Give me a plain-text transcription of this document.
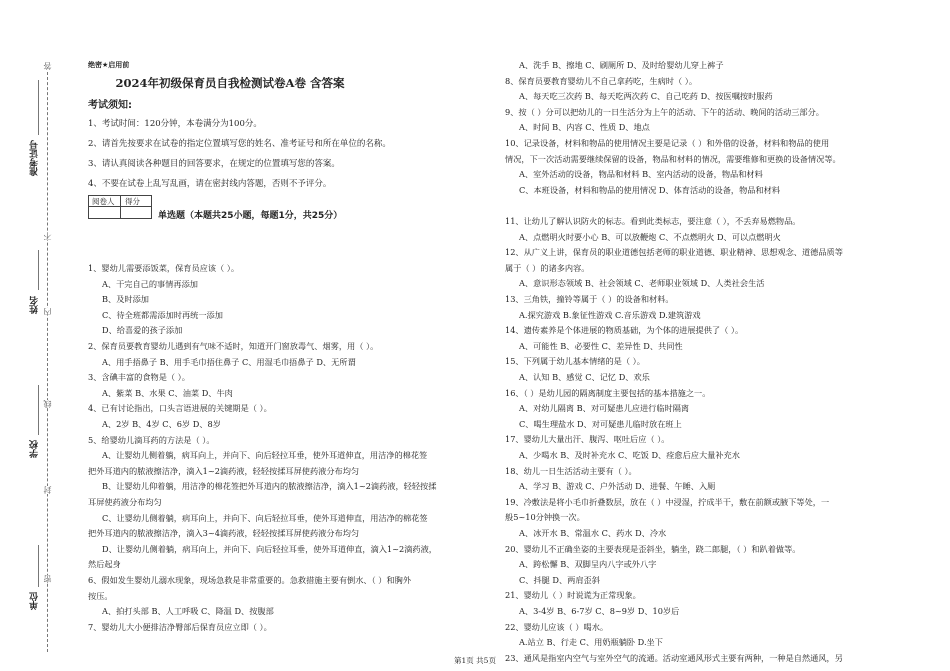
准考证号
姓名
学校
单位
答
不
内
线
封
密
绝密★启用前
2024年初级保育员自我检测试卷A卷 含答案
考试须知:
1、考试时间：120分钟，本卷满分为100分。
2、请首先按要求在试卷的指定位置填写您的姓名、准考证号和所在单位的名称。
3、请认真阅读各种题目的回答要求，在规定的位置填写您的答案。
4、不要在试卷上乱写乱画，请在密封线内答题，否则不予评分。
阅卷人 得分
单选题（本题共25小题，每题1分，共25分）
1、婴幼儿需要添饭菜，保育员应该（ ）。
A、干完自己的事情再添加
B、及时添加
C、待全班都需添加时再统一添加
D、给喜爱的孩子添加
2、保育员要教育婴幼儿遇到有气味不适时，知道开门窗放毒气、烟雾，用（ ）。
A、用手捂鼻子 B、用手毛巾捂住鼻子 C、用湿毛巾捂鼻子 D、无所谓
3、含碘丰富的食物是（ ）。
A、紫菜 B、水果 C、油菜 D、牛肉
4、已有讨论指出，口头言语进展的关键期是（ ）。
A、2岁 B、4岁 C、6岁 D、8岁
5、给婴幼儿滴耳药的方法是（ ）。
A、让婴幼儿侧着躺，病耳向上，并向下、向后轻拉耳垂，使外耳道伸直，用洁净的棉花签
把外耳道内的脓液擦洁净，滴入1~2滴药液，轻轻按揉耳屏使药液分布均匀
B、让婴幼儿仰着躺，用洁净的棉花签把外耳道内的脓液擦洁净，滴入1~2滴药液，轻轻按揉
耳屏使药液分布均匀
C、让婴幼儿侧着躺，病耳向上，并向下、向后轻拉耳垂，使外耳道伸直，用洁净的棉花签
把外耳道内的脓液擦洁净，滴入3~4滴药液，轻轻按揉耳屏使药液分布均匀
D、让婴幼儿侧着躺，病耳向上，并向下、向后轻拉耳垂，使外耳道伸直，滴入1~2滴药液，
然后起身
6、假如发生婴幼儿溺水现象，现场急救是非常重要的。急救措施主要有倒水、（ ）和胸外
按压。
A、拍打头部 B、人工呼吸 C、降温 D、按腹部
7、婴幼儿大小便排洁净臀部后保育员应立即（ ）。
A、洗手 B、擦地 C、刷厕所 D、及时给婴幼儿穿上裤子
8、保育员要教育婴幼儿不自己拿药吃，生病时（ ）。
A、每天吃三次药 B、每天吃两次药 C、自己吃药 D、按医嘱按时服药
9、按（ ）分可以把幼儿的一日生活分为上午的活动、下午的活动、晚间的活动三部分。
A、时间 B、内容 C、性质 D、地点
10、记录设备，材料和物品的使用情况主要是记录（ ）和外借的设备，材料和物品的使用
情况，下一次活动需要继续保留的设备，物品和材料的情况，需要维修和更换的设备情况等。
A、室外活动的设备，物品和材料 B、室内活动的设备，物品和材料
C、本班设备，材料和物品的使用情况 D、体育活动的设备，物品和材料
11、让幼儿了解认识防火的标志。看到此类标志，要注意（ ），不丢弃易燃物品。
A、点燃明火时要小心 B、可以放鞭炮 C、不点燃明火 D、可以点燃明火
12、从广义上讲，保育员的职业道德包括老师的职业道德、职业精神、思想观念、道德品质等
属于（ ）的诸多内容。
A、意识形态领域 B、社会领域 C、老师职业领域 D、人类社会生活
13、三角铁，撞铃等属于（ ）的设备和材料。
A.探究游戏 B.象征性游戏 C.音乐游戏 D.建筑游戏
14、遗传素养是个体进展的物质基础，为个体的进展提供了（ ）。
A、可能性 B、必要性 C、差异性 D、共同性
15、下列属于幼儿基本情绪的是（ ）。
A、认知 B、感觉 C、记忆 D、欢乐
16、（ ）是幼儿园的隔离制度主要包括的基本措施之一。
A、对幼儿隔离 B、对可疑患儿应进行临时隔离
C、喝生理盐水 D、对可疑患儿临时放在班上
17、婴幼儿大量出汗、腹泻、呕吐后应（ ）。
A、少喝水 B、及时补充水 C、吃饭 D、痊愈后应大量补充水
18、幼儿一日生活活动主要有（ ）。
A、学习 B、游戏 C、户外活动 D、进餐、午睡、入厕
19、冷敷法是将小毛巾折叠数层，放在（ ）中浸湿，拧成半干，敷在前额或腋下等处，一
般5~10分钟换一次。
A、冰开水 B、常温水 C、药水 D、冷水
20、婴幼儿不正确坐姿的主要表现是歪斜坐，躺坐，跷二郎腿，（ ）和趴着做等。
A、跨松懈 B、双脚呈内八字或外八字
C、抖腿 D、两肩歪斜
21、婴幼儿（ ）时说谎为正常现象。
A、3-4岁 B、6-7岁 C、8~9岁 D、10岁后
22、婴幼儿应该（ ）喝水。
A.站立 B、行走 C、用奶瓶躺卧 D.坐下
23、通风是指室内空气与室外空气的流通。活动室通风形式主要有两种，一种是自然通风，另
第1页 共5页
